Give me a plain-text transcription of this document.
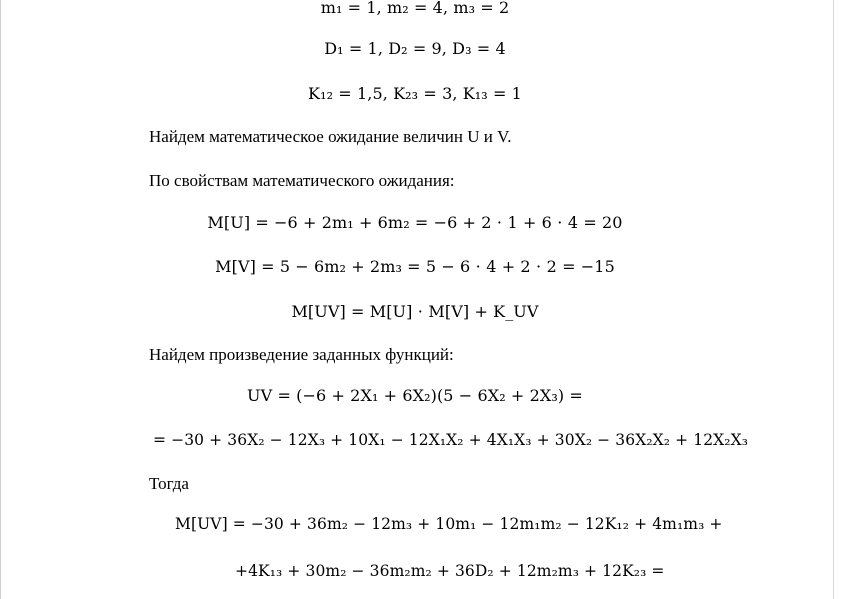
m₁ = 1, m₂ = 4, m₃ = 2
D₁ = 1, D₂ = 9, D₃ = 4
K₁₂ = 1,5, K₂₃ = 3, K₁₃ = 1
Найдем математическое ожидание величин U и V.
По свойствам математического ожидания:
M[U] = −6 + 2m₁ + 6m₂ = −6 + 2 ⋅ 1 + 6 ⋅ 4 = 20
M[V] = 5 − 6m₂ + 2m₃ = 5 − 6 ⋅ 4 + 2 ⋅ 2 = −15
M[UV] = M[U] ⋅ M[V] + K_UV
Найдем произведение заданных функций:
UV = (−6 + 2X₁ + 6X₂)(5 − 6X₂ + 2X₃) =
= −30 + 36X₂ − 12X₃ + 10X₁ − 12X₁X₂ + 4X₁X₃ + 30X₂ − 36X₂X₂ + 12X₂X₃
Тогда
M[UV] = −30 + 36m₂ − 12m₃ + 10m₁ − 12m₁m₂ − 12K₁₂ + 4m₁m₃ +
+4K₁₃ + 30m₂ − 36m₂m₂ + 36D₂ + 12m₂m₃ + 12K₂₃ =
